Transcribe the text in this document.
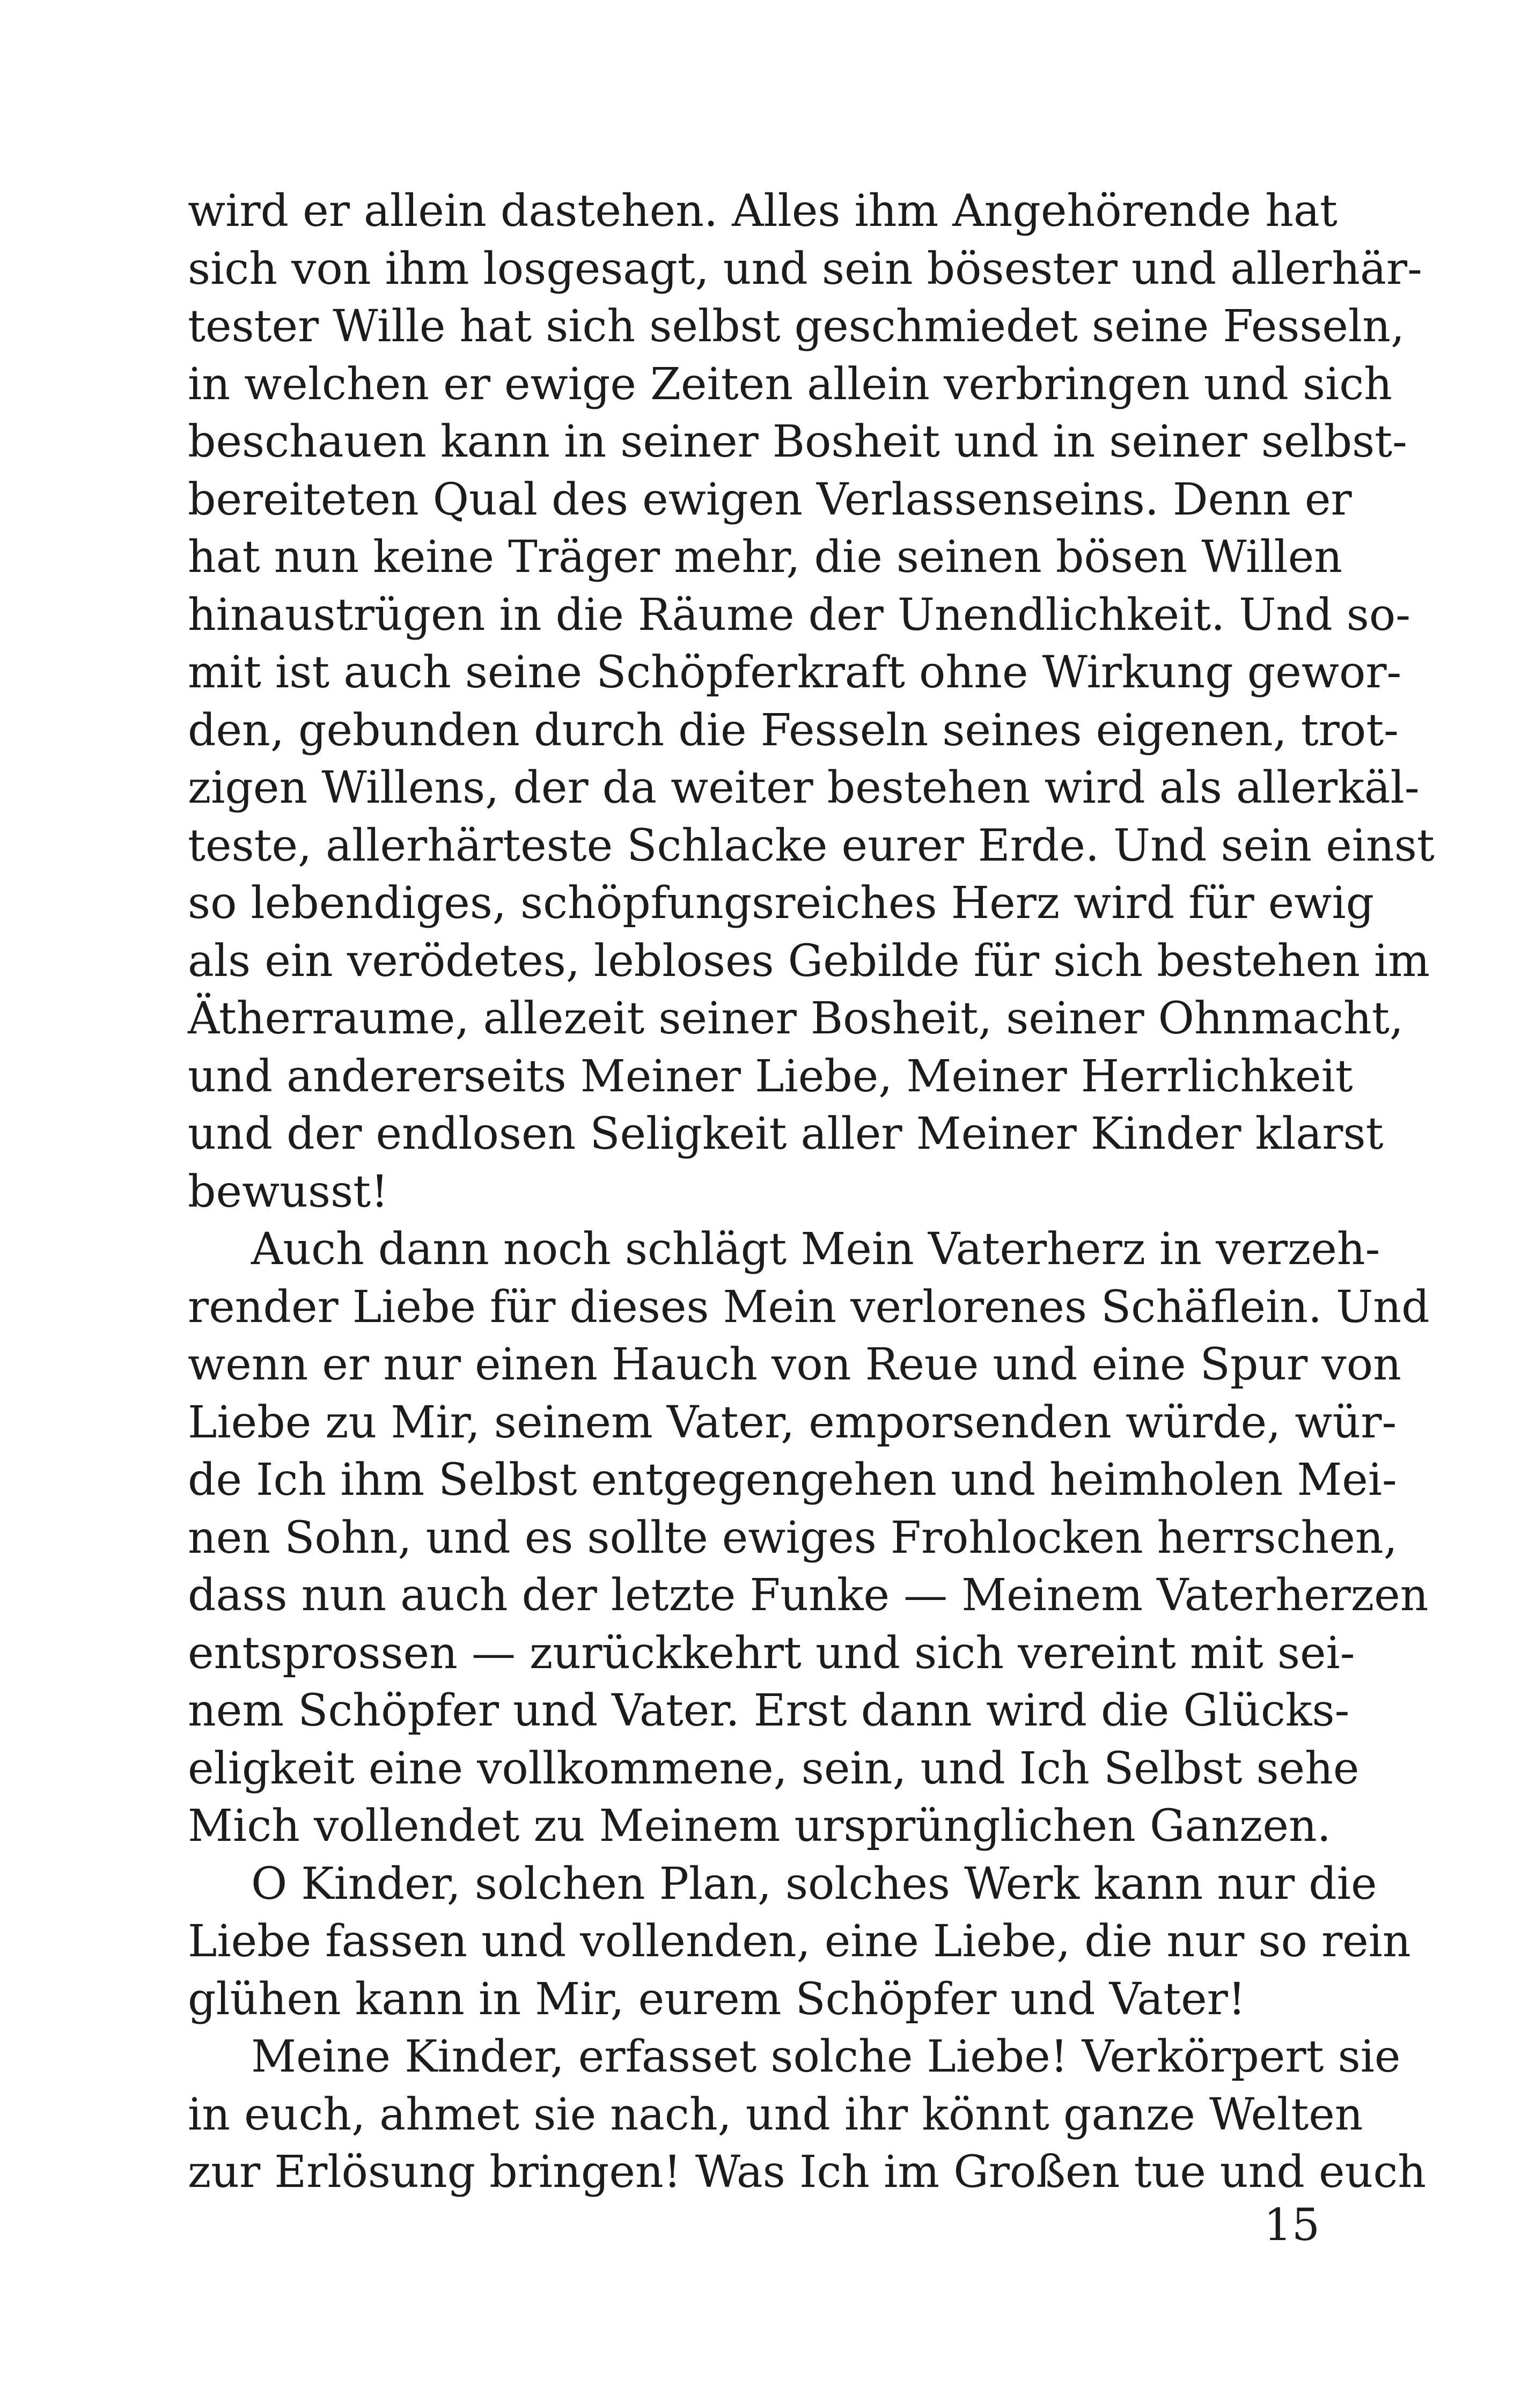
wird er allein dastehen. Alles ihm Angehörende hat
sich von ihm losgesagt, und sein bösester und allerhär-
tester Wille hat sich selbst geschmiedet seine Fesseln,
in welchen er ewige Zeiten allein verbringen und sich
beschauen kann in seiner Bosheit und in seiner selbst-
bereiteten Qual des ewigen Verlassenseins. Denn er
hat nun keine Träger mehr, die seinen bösen Willen
hinaustrügen in die Räume der Unendlichkeit. Und so-
mit ist auch seine Schöpferkraft ohne Wirkung gewor-
den, gebunden durch die Fesseln seines eigenen, trot-
zigen Willens, der da weiter bestehen wird als allerkäl-
teste, allerhärteste Schlacke eurer Erde. Und sein einst
so lebendiges, schöpfungsreiches Herz wird für ewig
als ein verödetes, lebloses Gebilde für sich bestehen im
Ätherraume, allezeit seiner Bosheit, seiner Ohnmacht,
und andererseits Meiner Liebe, Meiner Herrlichkeit
und der endlosen Seligkeit aller Meiner Kinder klarst
bewusst!
Auch dann noch schlägt Mein Vaterherz in verzeh-
render Liebe für dieses Mein verlorenes Schäflein. Und
wenn er nur einen Hauch von Reue und eine Spur von
Liebe zu Mir, seinem Vater, emporsenden würde, wür-
de Ich ihm Selbst entgegengehen und heimholen Mei-
nen Sohn, und es sollte ewiges Frohlocken herrschen,
dass nun auch der letzte Funke — Meinem Vaterherzen
entsprossen — zurückkehrt und sich vereint mit sei-
nem Schöpfer und Vater. Erst dann wird die Glücks-
eligkeit eine vollkommene, sein, und Ich Selbst sehe
Mich vollendet zu Meinem ursprünglichen Ganzen.
O Kinder, solchen Plan, solches Werk kann nur die
Liebe fassen und vollenden, eine Liebe, die nur so rein
glühen kann in Mir, eurem Schöpfer und Vater!
Meine Kinder, erfasset solche Liebe! Verkörpert sie
in euch, ahmet sie nach, und ihr könnt ganze Welten
zur Erlösung bringen! Was Ich im Großen tue und euch
15
